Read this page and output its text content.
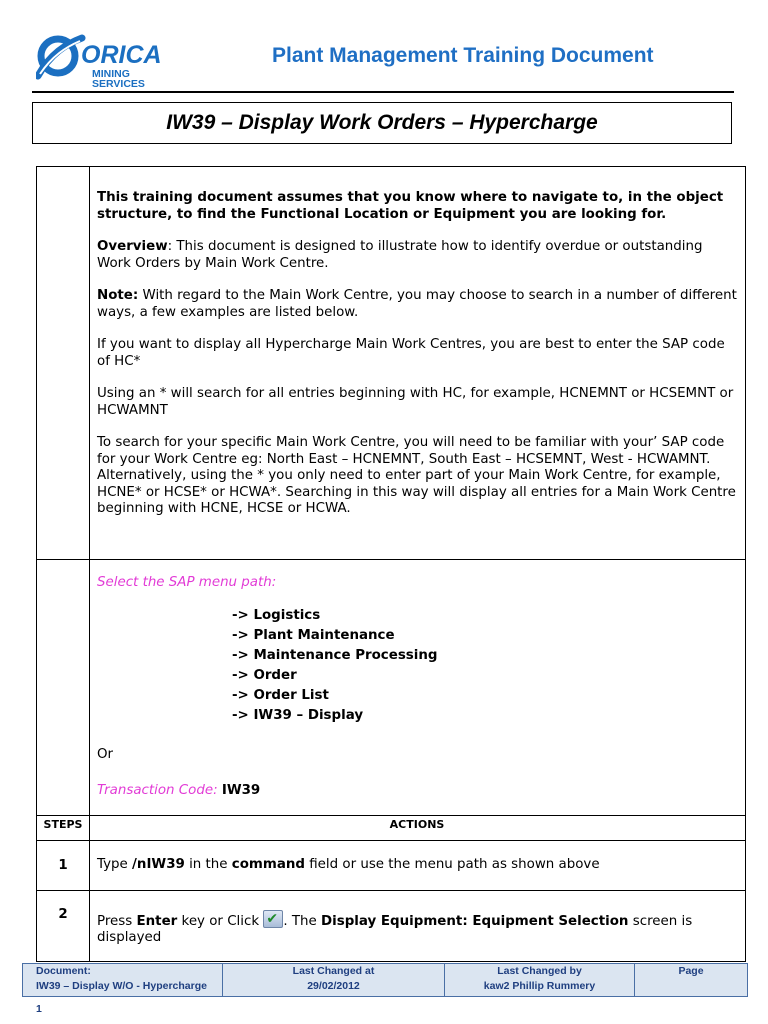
ORICA
MINING
SERVICES
Plant Management Training Document
IW39 – Display Work Orders – Hypercharge

This training document assumes that you know where to navigate to, in the object structure, to find the Functional Location or Equipment you are looking for.

Overview: This document is designed to illustrate how to identify overdue or outstanding Work Orders by Main Work Centre.

Note: With regard to the Main Work Centre, you may choose to search in a number of different ways, a few examples are listed below.

If you want to display all Hypercharge Main Work Centres, you are best to enter the SAP code of HC*

Using an * will search for all entries beginning with HC, for example, HCNEMNT or HCSEMNT or HCWAMNT

To search for your specific Main Work Centre, you will need to be familiar with your’ SAP code for your Work Centre eg: North East – HCNEMNT, South East – HCSEMNT, West - HCWAMNT. Alternatively, using the * you only need to enter part of your Main Work Centre, for example, HCNE* or HCSE* or HCWA*. Searching in this way will display all entries for a Main Work Centre beginning with HCNE, HCSE or HCWA.

Select the SAP menu path:
-> Logistics
-> Plant Maintenance
-> Maintenance Processing
-> Order
-> Order List
-> IW39 – Display
Or
Transaction Code: IW39
STEPS	ACTIONS
1	Type /nIW39 in the command field or use the menu path as shown above
2	Press Enter key or Click ✔ . The Display Equipment: Equipment Selection screen is displayed
Document:
IW39 – Display W/O - Hypercharge
Last Changed at
29/02/2012
Last Changed by
kaw2 Phillip Rummery
Page
1
